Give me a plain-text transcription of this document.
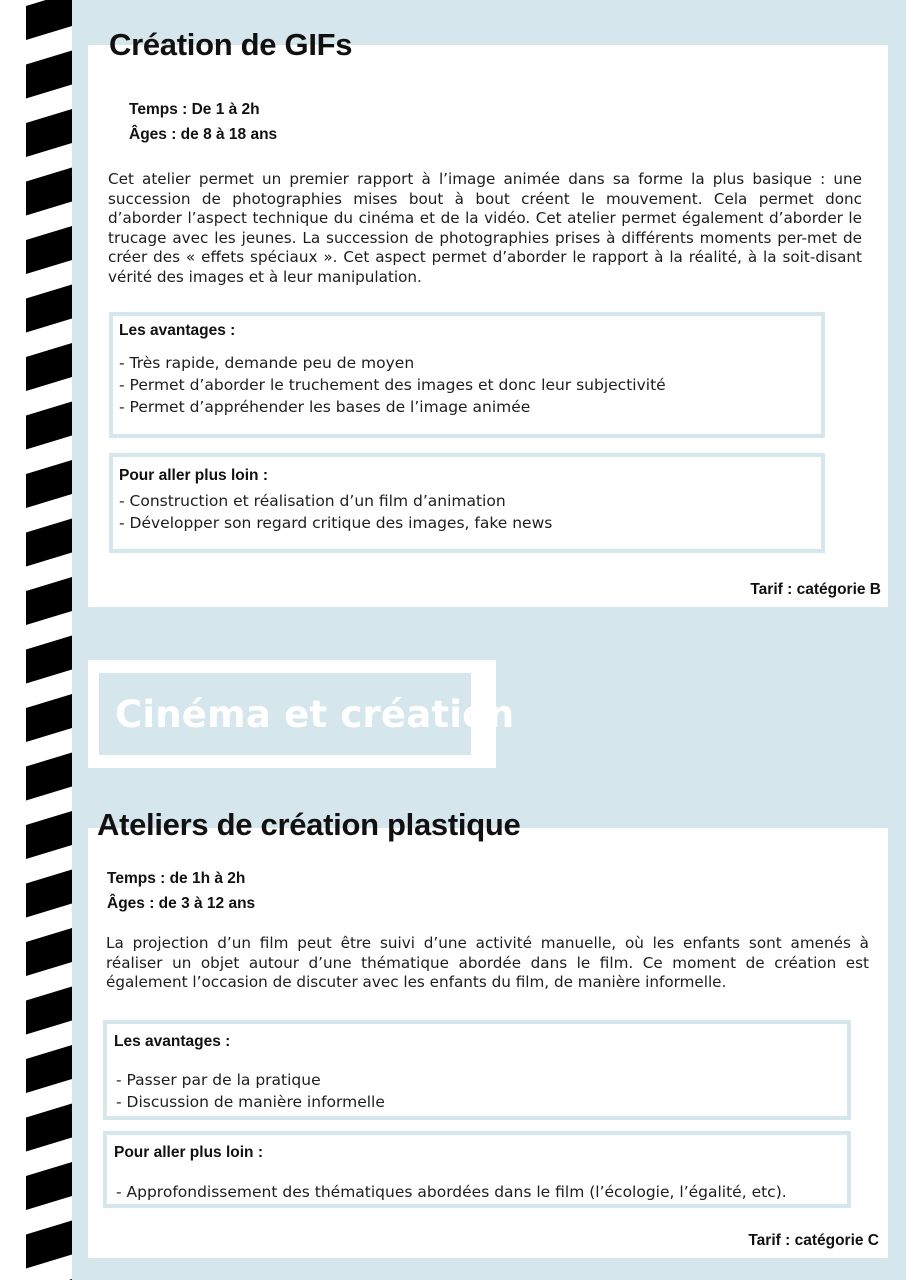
Création de GIFs
Temps : De 1 à 2h
Âges : de 8 à 18 ans

Cet atelier permet un premier rapport à l’image animée dans sa forme la plus basique : une succession de photographies mises bout à bout créent le mouvement. Cela permet donc d’aborder l’aspect technique du cinéma et de la vidéo. Cet atelier permet également d’aborder le trucage avec les jeunes. La succession de photographies prises à différents moments per-met de créer des « effets spéciaux ». Cet aspect permet d’aborder le rapport à la réalité, à la soit-disant vérité des images et à leur manipulation.

Les avantages :
- Très rapide, demande peu de moyen
- Permet d’aborder le truchement des images et donc leur subjectivité
- Permet d’appréhender les bases de l’image animée
Pour aller plus loin :
- Construction et réalisation d’un film d’animation
- Développer son regard critique des images, fake news
Tarif : catégorie B
Cinéma et création
Ateliers de création plastique
Temps : de 1h à 2h
Âges : de 3 à 12 ans

La projection d’un film peut être suivi d’une activité manuelle, où les enfants sont amenés à réaliser un objet autour d’une thématique abordée dans le film. Ce moment de création est également l’occasion de discuter avec les enfants du film, de manière informelle.

Les avantages :
- Passer par de la pratique
- Discussion de manière informelle
Pour aller plus loin :
- Approfondissement des thématiques abordées dans le film (l’écologie, l’égalité, etc).
Tarif : catégorie C
